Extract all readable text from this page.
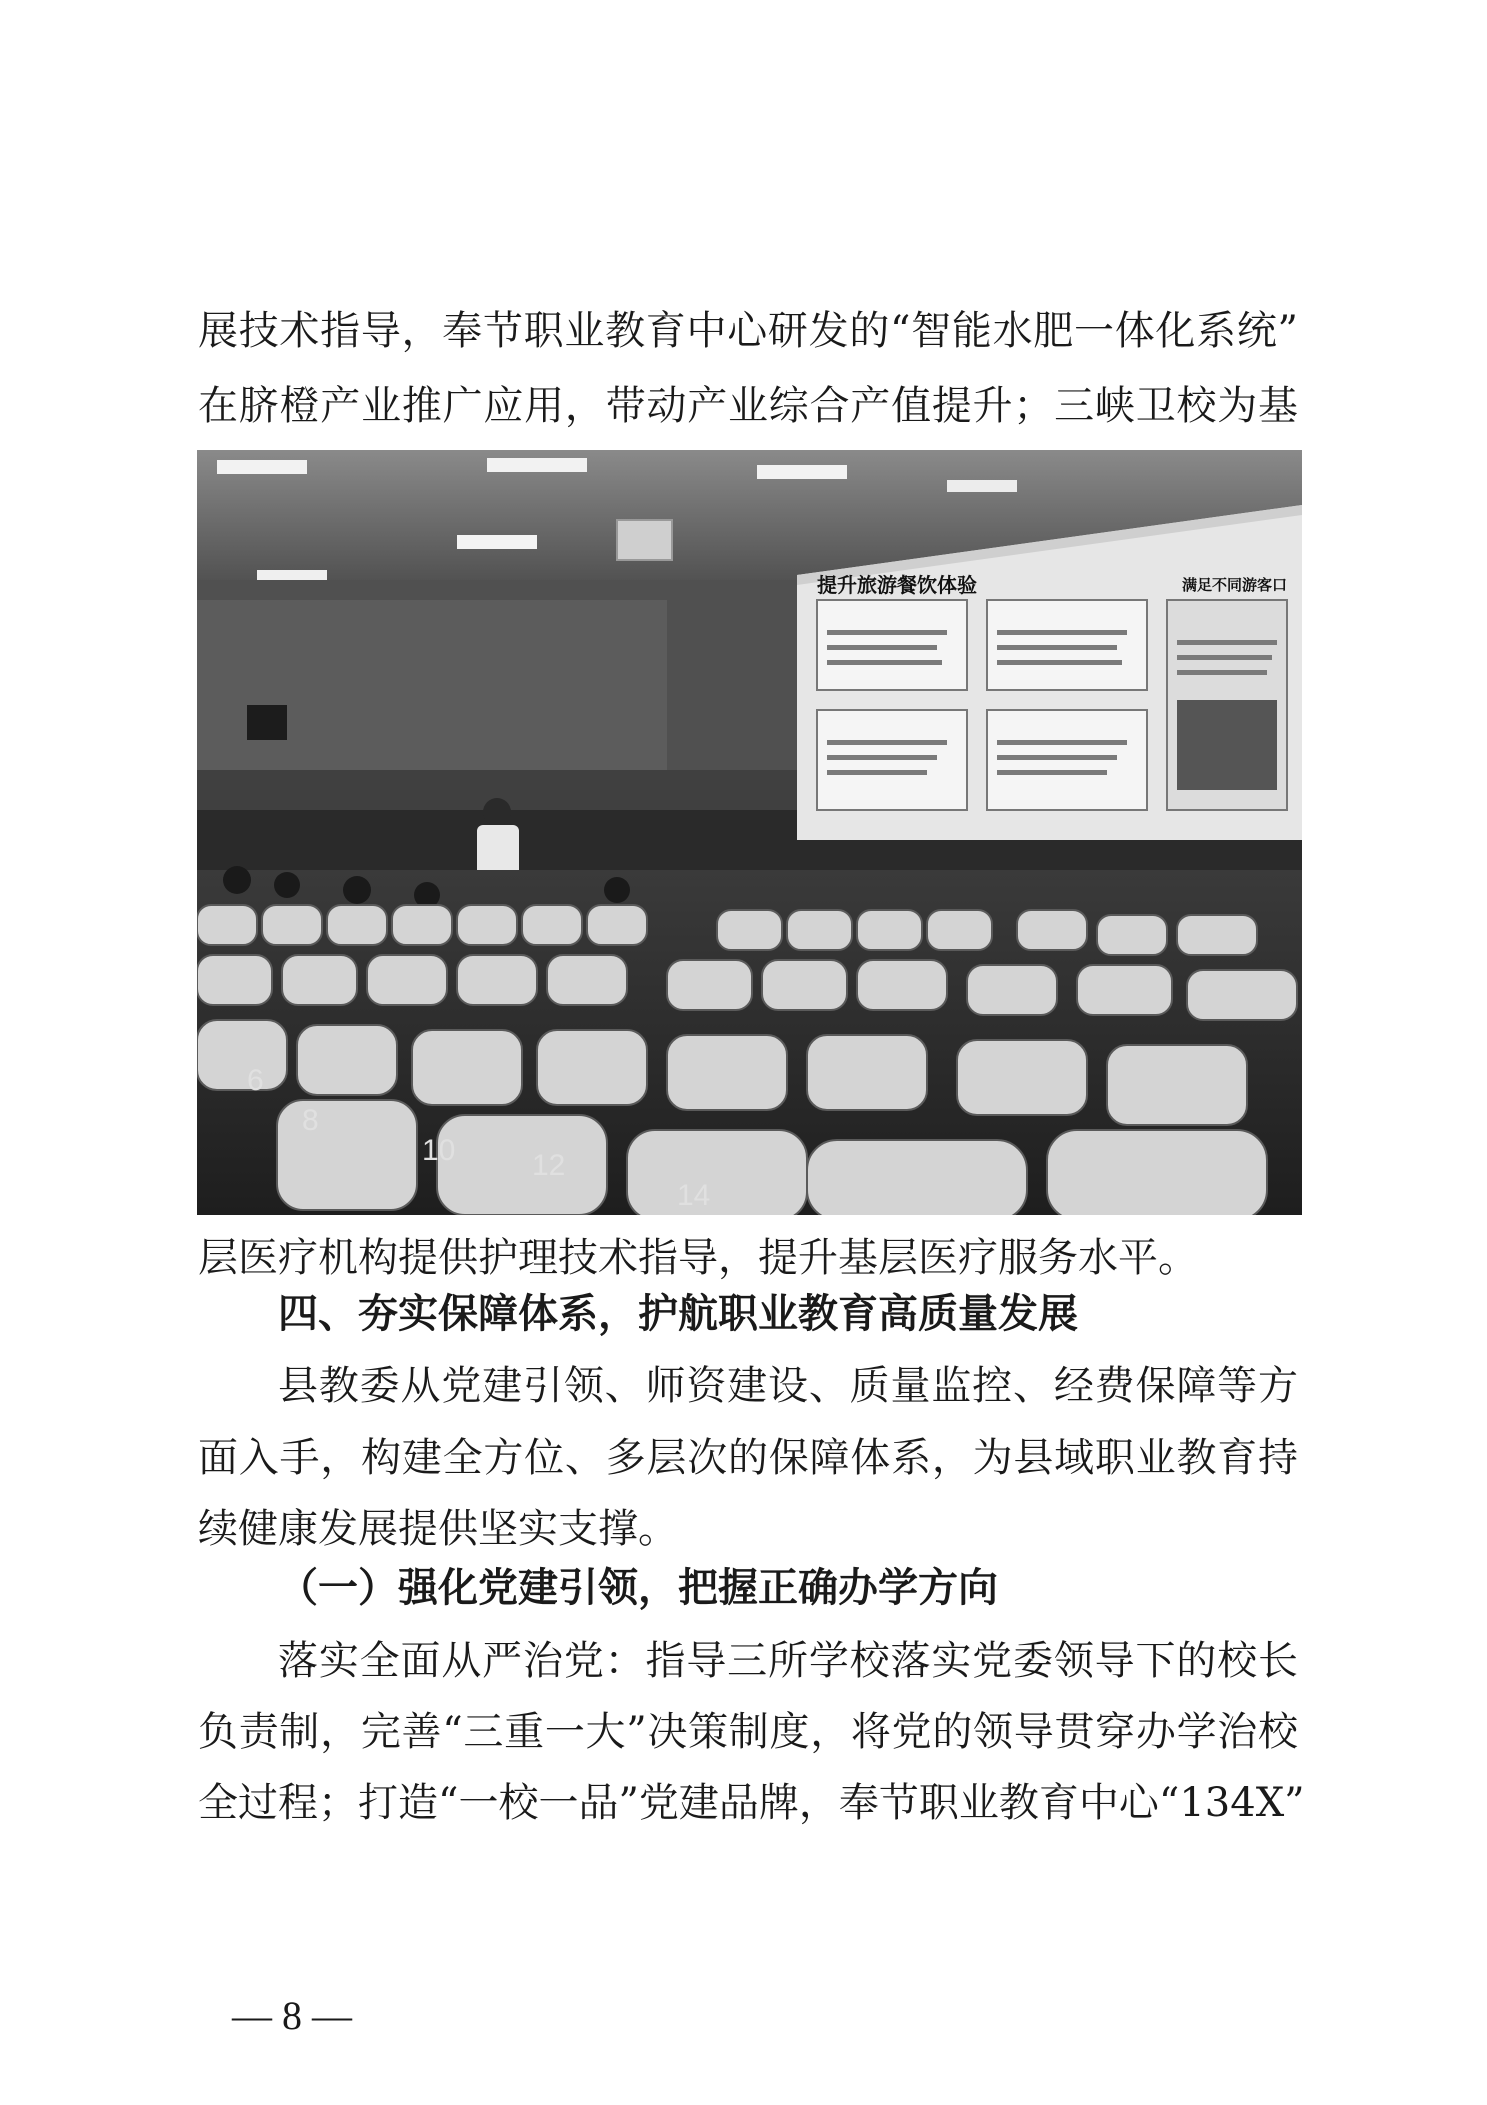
展技术指导，奉节职业教育中心研发的“智能水肥一体化系统”
在脐橙产业推广应用，带动产业综合产值提升；三峡卫校为基
提升旅游餐饮体验	满足不同游客口
6
8
10	12
14
层医疗机构提供护理技术指导，提升基层医疗服务水平。
四、夯实保障体系，护航职业教育高质量发展
县教委从党建引领、师资建设、质量监控、经费保障等方
面入手，构建全方位、多层次的保障体系，为县域职业教育持
续健康发展提供坚实支撑。
（一）强化党建引领，把握正确办学方向
落实全面从严治党：指导三所学校落实党委领导下的校长
负责制，完善“三重一大”决策制度，将党的领导贯穿办学治校
全过程；打造“一校一品”党建品牌，奉节职业教育中心“134X”
— 8 —
